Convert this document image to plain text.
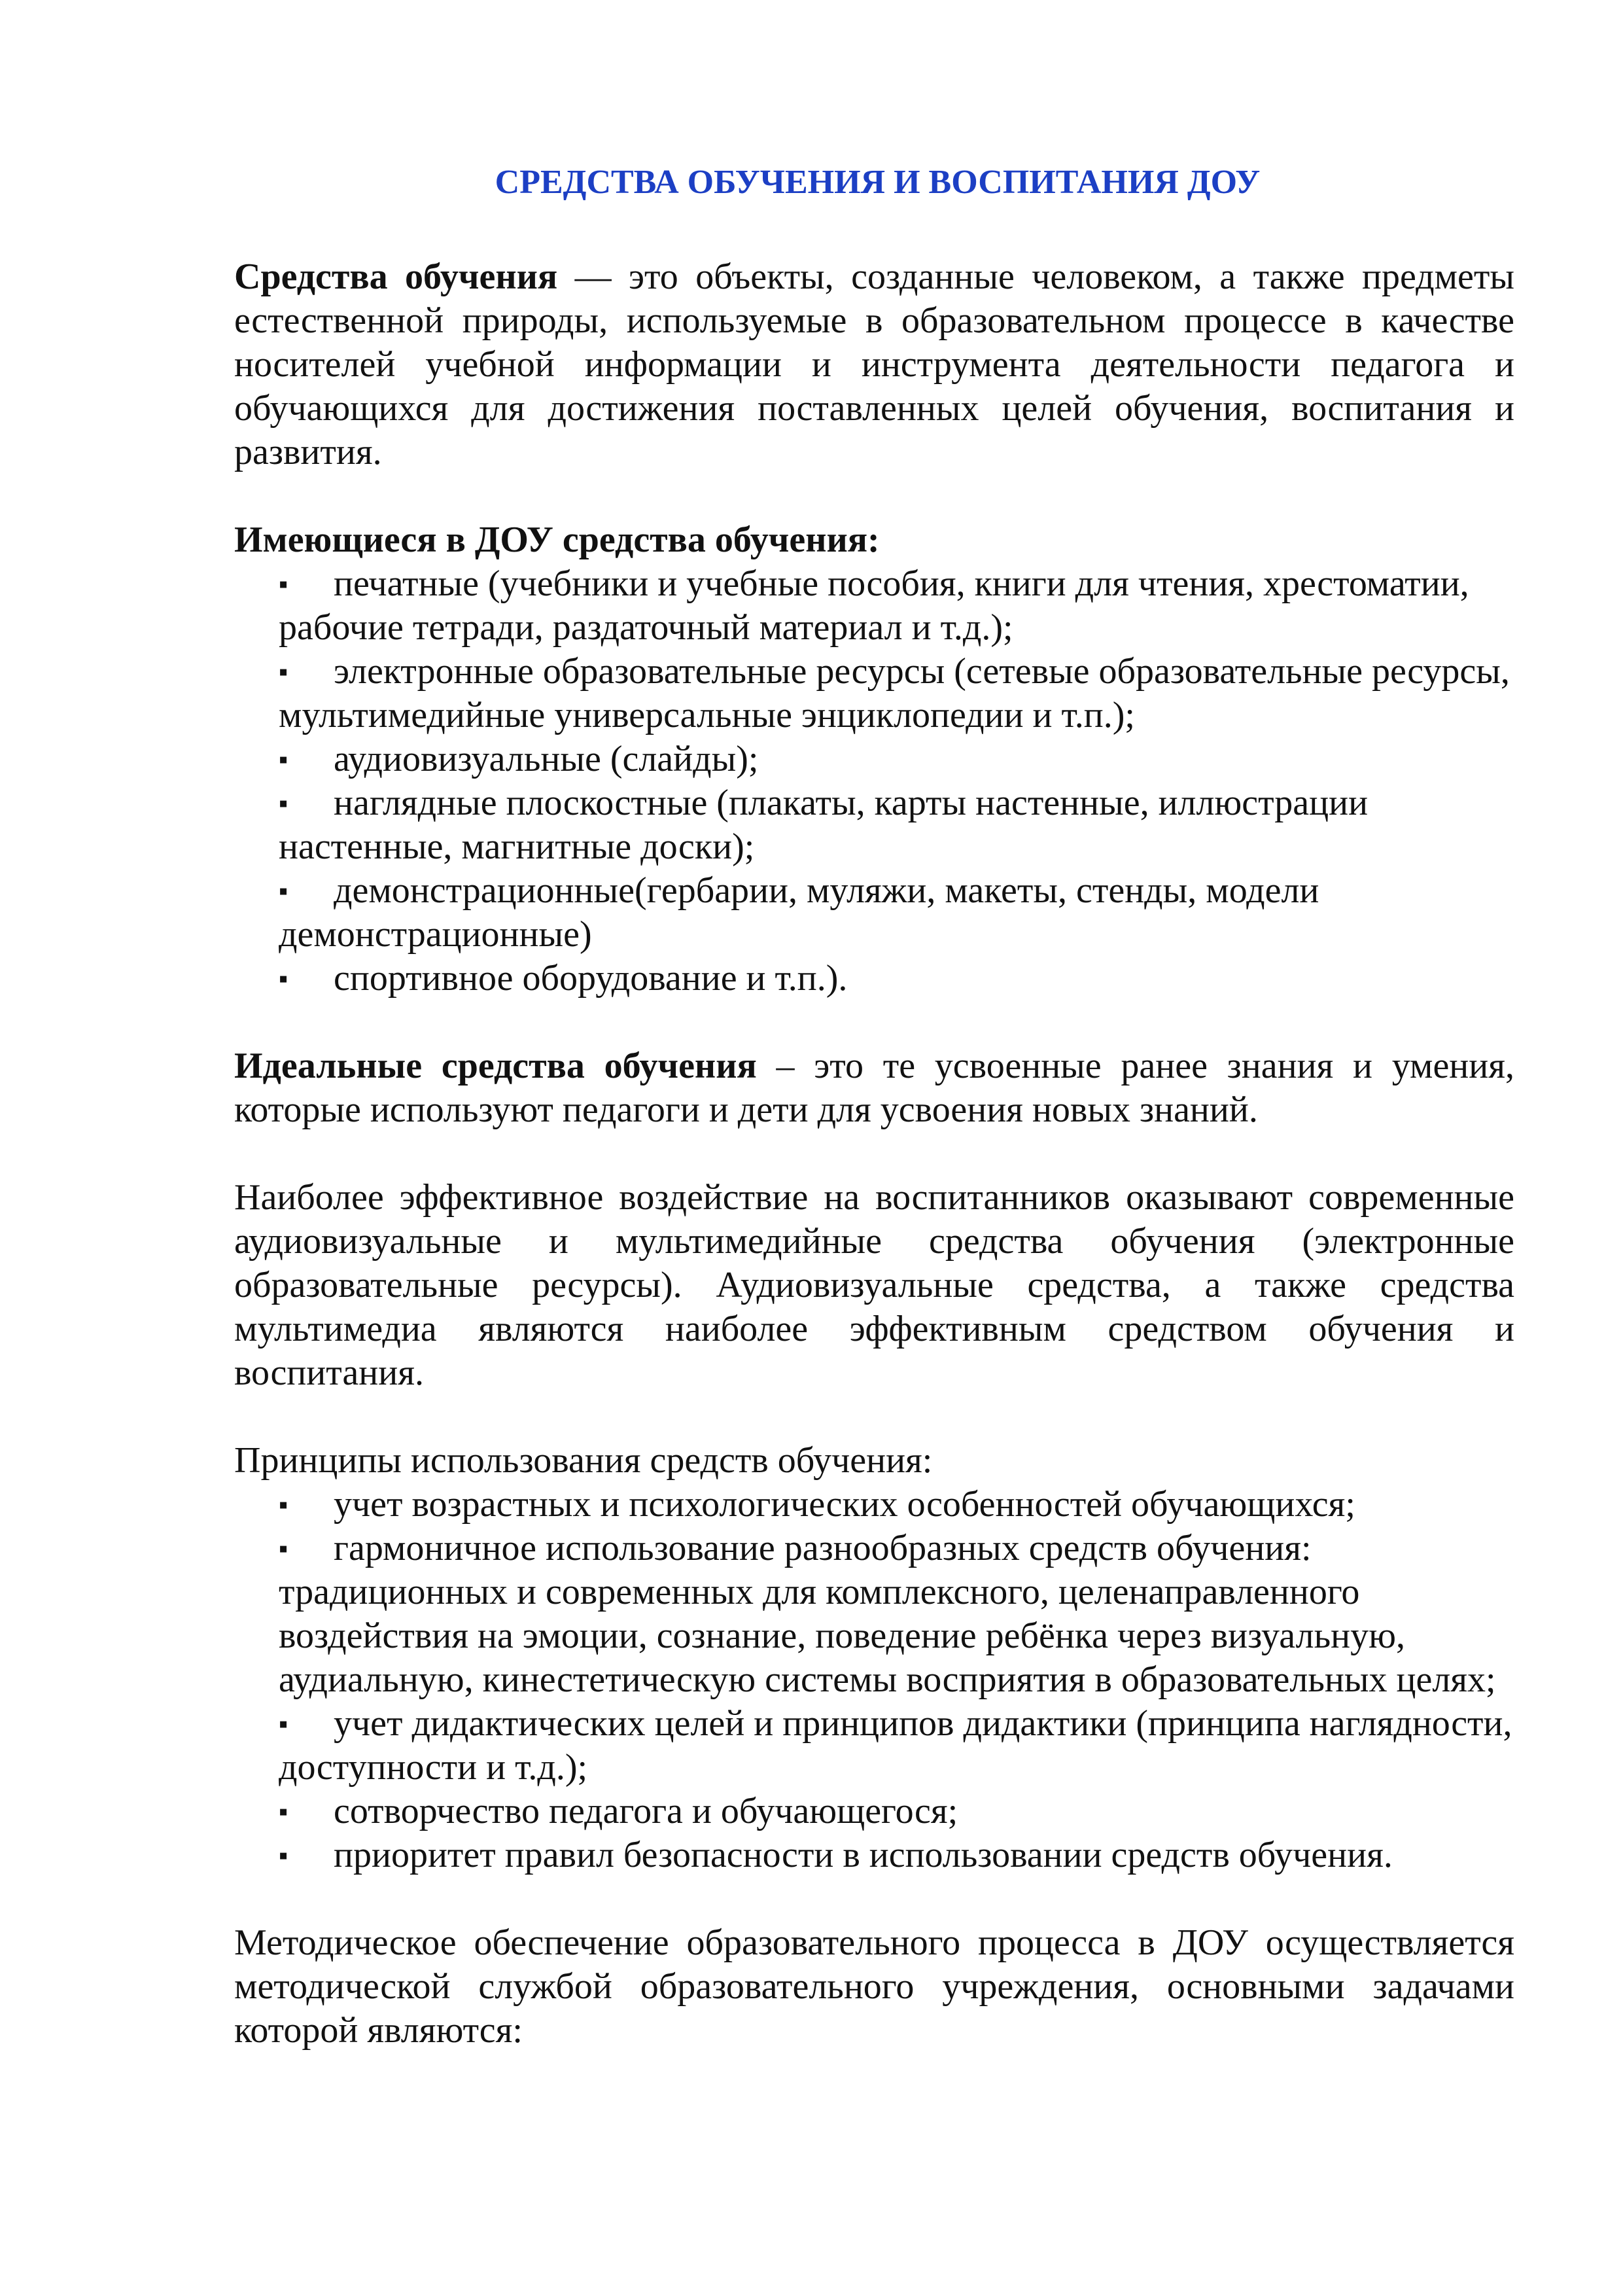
СРЕДСТВА ОБУЧЕНИЯ И ВОСПИТАНИЯ ДОУ

Средства обучения — это объекты, созданные человеком, а также предметы естественной природы, используемые в образовательном процессе в качестве носителей учебной информации и инструмента деятельности педагога и обучающихся для достижения поставленных целей обучения, воспитания и развития.

Имеющиеся в ДОУ средства обучения:

▪ печатные (учебники и учебные пособия, книги для чтения, хрестоматии, рабочие тетради, раздаточный материал и т.д.);
▪ электронные образовательные ресурсы (сетевые образовательные ресурсы, мультимедийные универсальные энциклопедии и т.п.);
▪ аудиовизуальные (слайды);
▪ наглядные плоскостные (плакаты, карты настенные, иллюстрации настенные, магнитные доски);
▪ демонстрационные(гербарии, муляжи, макеты, стенды, модели демонстрационные)
▪ спортивное оборудование и т.п.).

Идеальные средства обучения – это те усвоенные ранее знания и умения, которые используют педагоги и дети для усвоения новых знаний.

Наиболее эффективное воздействие на воспитанников оказывают современные аудиовизуальные и мультимедийные средства обучения (электронные образовательные ресурсы). Аудиовизуальные средства, а также средства мультимедиа являются наиболее эффективным средством обучения и воспитания.

Принципы использования средств обучения:

▪ учет возрастных и психологических особенностей обучающихся;
▪ гармоничное использование разнообразных средств обучения: традиционных и современных для комплексного, целенаправленного воздействия на эмоции, сознание, поведение ребёнка через визуальную, аудиальную, кинестетическую системы восприятия в образовательных целях;
▪ учет дидактических целей и принципов дидактики (принципа наглядности, доступности и т.д.);
▪ сотворчество педагога и обучающегося;
▪ приоритет правил безопасности в использовании средств обучения.

Методическое обеспечение образовательного процесса в ДОУ осуществляется методической службой образовательного учреждения, основными задачами которой являются:
